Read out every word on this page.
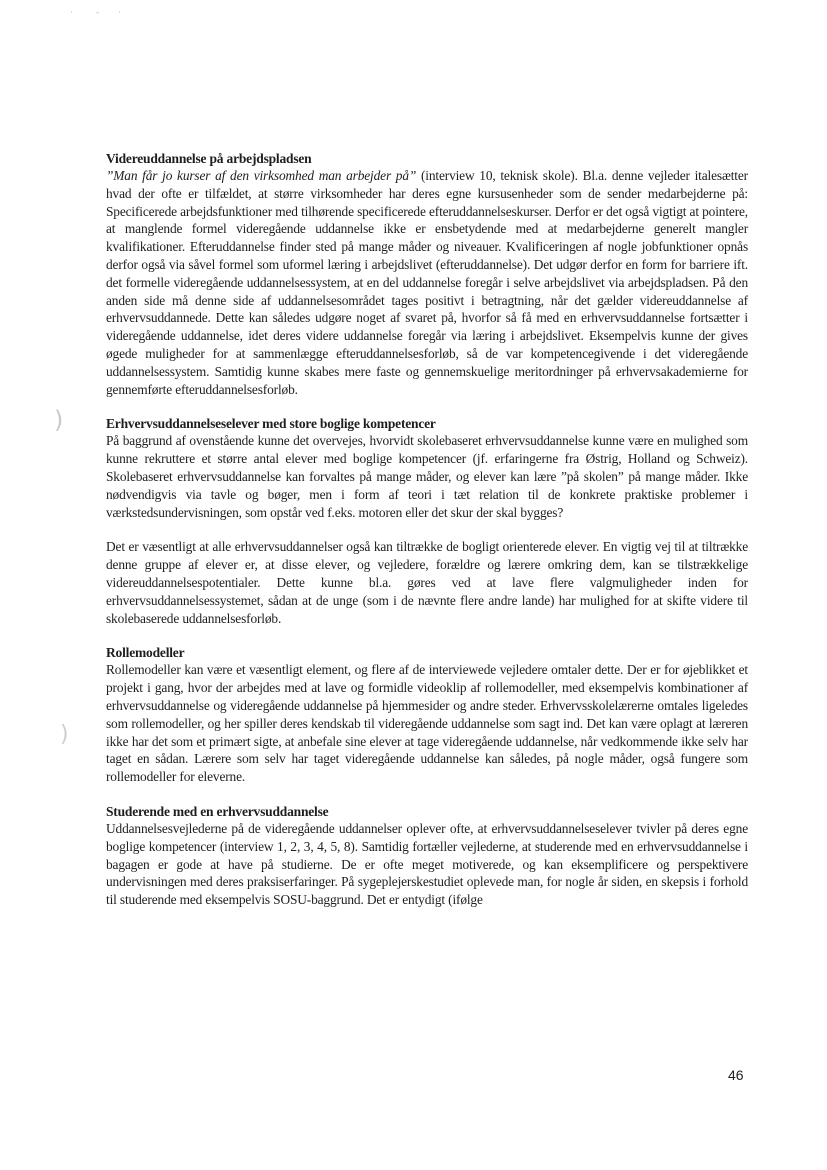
·	- ·
)
)
Videreuddannelse på arbejdspladsen

”Man får jo kurser af den virksomhed man arbejder på” (interview 10, teknisk skole). Bl.a. denne vejleder italesætter hvad der ofte er tilfældet, at større virksomheder har deres egne kursusenheder som de sender medarbejderne på: Specificerede arbejdsfunktioner med tilhørende specificerede efteruddannelseskurser. Derfor er det også vigtigt at pointere, at manglende formel videregående uddannelse ikke er ensbetydende med at medarbejderne generelt mangler kvalifikationer. Efteruddannelse finder sted på mange måder og niveauer. Kvalificeringen af nogle jobfunktioner opnås derfor også via såvel formel som uformel læring i arbejdslivet (efteruddannelse). Det udgør derfor en form for barriere ift. det formelle videregående uddannelsessystem, at en del uddannelse foregår i selve arbejdslivet via arbejdspladsen. På den anden side må denne side af uddannelsesområdet tages positivt i betragtning, når det gælder videreuddannelse af erhvervsuddannede. Dette kan således udgøre noget af svaret på, hvorfor så få med en erhvervsuddannelse fortsætter i videregående uddannelse, idet deres videre uddannelse foregår via læring i arbejdslivet. Eksempelvis kunne der gives øgede muligheder for at sammenlægge efteruddannelsesforløb, så de var kompetencegivende i det videregående uddannelsessystem. Samtidig kunne skabes mere faste og gennemskuelige meritordninger på erhvervsakademierne for gennemførte efteruddannelsesforløb.

Erhvervsuddannelseselever med store boglige kompetencer

På baggrund af ovenstående kunne det overvejes, hvorvidt skolebaseret erhvervsuddannelse kunne være en mulighed som kunne rekruttere et større antal elever med boglige kompetencer (jf. erfaringerne fra Østrig, Holland og Schweiz). Skolebaseret erhvervsuddannelse kan forvaltes på mange måder, og elever kan lære ”på skolen” på mange måder. Ikke nødvendigvis via tavle og bøger, men i form af teori i tæt relation til de konkrete praktiske problemer i værkstedsundervisningen, som opstår ved f.eks. motoren eller det skur der skal bygges?

Det er væsentligt at alle erhvervsuddannelser også kan tiltrække de bogligt orienterede elever. En vigtig vej til at tiltrække denne gruppe af elever er, at disse elever, og vejledere, forældre og lærere omkring dem, kan se tilstrækkelige videreuddannelsespotentialer. Dette kunne bl.a. gøres ved at lave flere valgmuligheder inden for erhvervsuddannelsessystemet, sådan at de unge (som i de nævnte flere andre lande) har mulighed for at skifte videre til skolebaserede uddannelsesforløb.

Rollemodeller

Rollemodeller kan være et væsentligt element, og flere af de interviewede vejledere omtaler dette. Der er for øjeblikket et projekt i gang, hvor der arbejdes med at lave og formidle videoklip af rollemodeller, med eksempelvis kombinationer af erhvervsuddannelse og videregående uddannelse på hjemmesider og andre steder. Erhvervsskolelærerne omtales ligeledes som rollemodeller, og her spiller deres kendskab til videregående uddannelse som sagt ind. Det kan være oplagt at læreren ikke har det som et primært sigte, at anbefale sine elever at tage videregående uddannelse, når vedkommende ikke selv har taget en sådan. Lærere som selv har taget videregående uddannelse kan således, på nogle måder, også fungere som rollemodeller for eleverne.

Studerende med en erhvervsuddannelse

Uddannelsesvejlederne på de videregående uddannelser oplever ofte, at erhvervsuddannelseselever tvivler på deres egne boglige kompetencer (interview 1, 2, 3, 4, 5, 8). Samtidig fortæller vejlederne, at studerende med en erhvervsuddannelse i bagagen er gode at have på studierne. De er ofte meget motiverede, og kan eksemplificere og perspektivere undervisningen med deres praksiserfaringer. På sygeplejerskestudiet oplevede man, for nogle år siden, en skepsis i forhold til studerende med eksempelvis SOSU-baggrund. Det er entydigt (ifølge

46
